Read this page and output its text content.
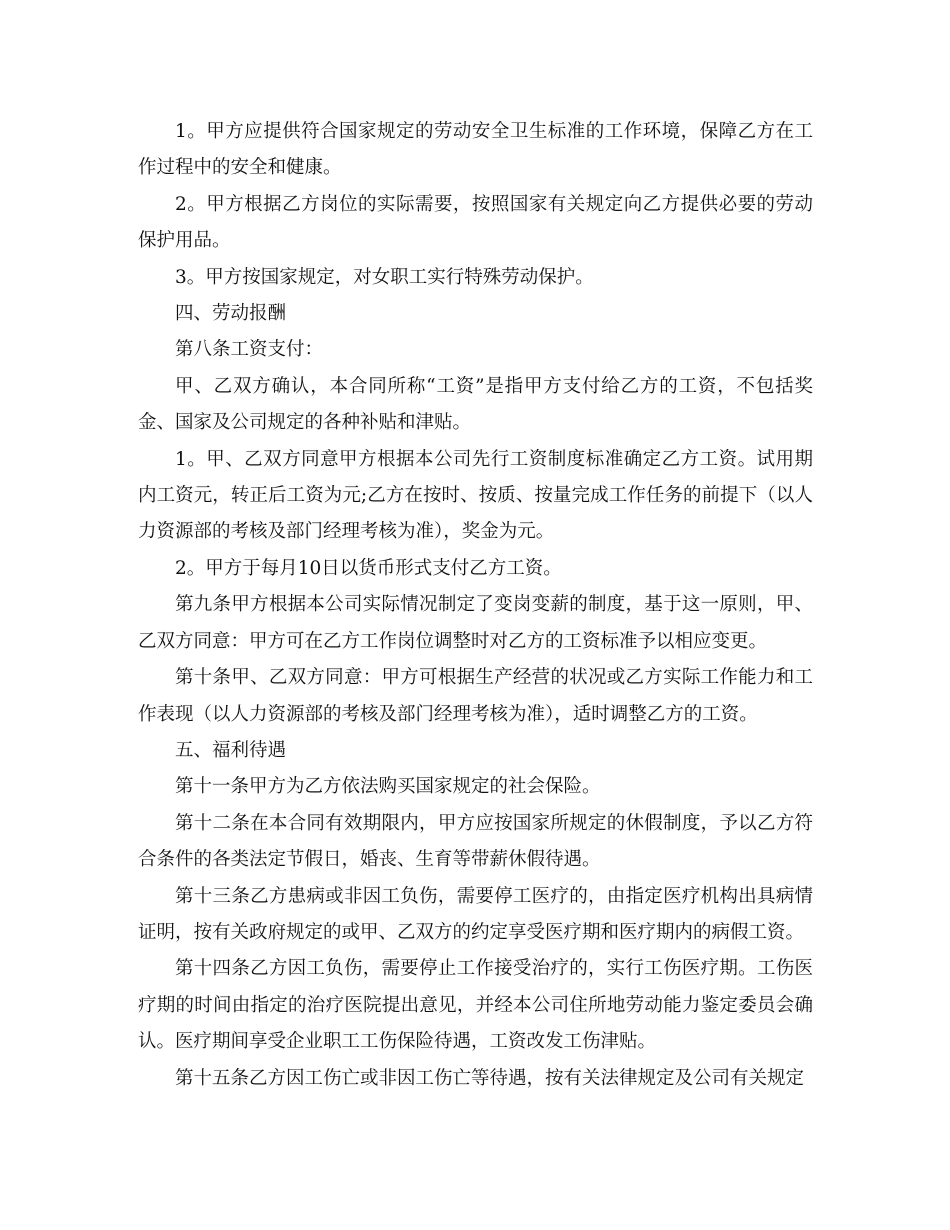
1。甲方应提供符合国家规定的劳动安全卫生标准的工作环境，保障乙方在工作过程中的安全和健康。

2。甲方根据乙方岗位的实际需要，按照国家有关规定向乙方提供必要的劳动保护用品。

3。甲方按国家规定，对女职工实行特殊劳动保护。

四、劳动报酬

第八条工资支付：

甲、乙双方确认，本合同所称“工资”是指甲方支付给乙方的工资，不包括奖金、国家及公司规定的各种补贴和津贴。

1。甲、乙双方同意甲方根据本公司先行工资制度标准确定乙方工资。试用期内工资元，转正后工资为元;乙方在按时、按质、按量完成工作任务的前提下（以人力资源部的考核及部门经理考核为准），奖金为元。

2。甲方于每月10日以货币形式支付乙方工资。

第九条甲方根据本公司实际情况制定了变岗变薪的制度，基于这一原则，甲、乙双方同意：甲方可在乙方工作岗位调整时对乙方的工资标准予以相应变更。

第十条甲、乙双方同意：甲方可根据生产经营的状况或乙方实际工作能力和工作表现（以人力资源部的考核及部门经理考核为准），适时调整乙方的工资。

五、福利待遇

第十一条甲方为乙方依法购买国家规定的社会保险。

第十二条在本合同有效期限内，甲方应按国家所规定的休假制度，予以乙方符合条件的各类法定节假日，婚丧、生育等带薪休假待遇。

第十三条乙方患病或非因工负伤，需要停工医疗的，由指定医疗机构出具病情证明，按有关政府规定的或甲、乙双方的约定享受医疗期和医疗期内的病假工资。

第十四条乙方因工负伤，需要停止工作接受治疗的，实行工伤医疗期。工伤医疗期的时间由指定的治疗医院提出意见，并经本公司住所地劳动能力鉴定委员会确认。医疗期间享受企业职工工伤保险待遇，工资改发工伤津贴。

第十五条乙方因工伤亡或非因工伤亡等待遇，按有关法律规定及公司有关规定
